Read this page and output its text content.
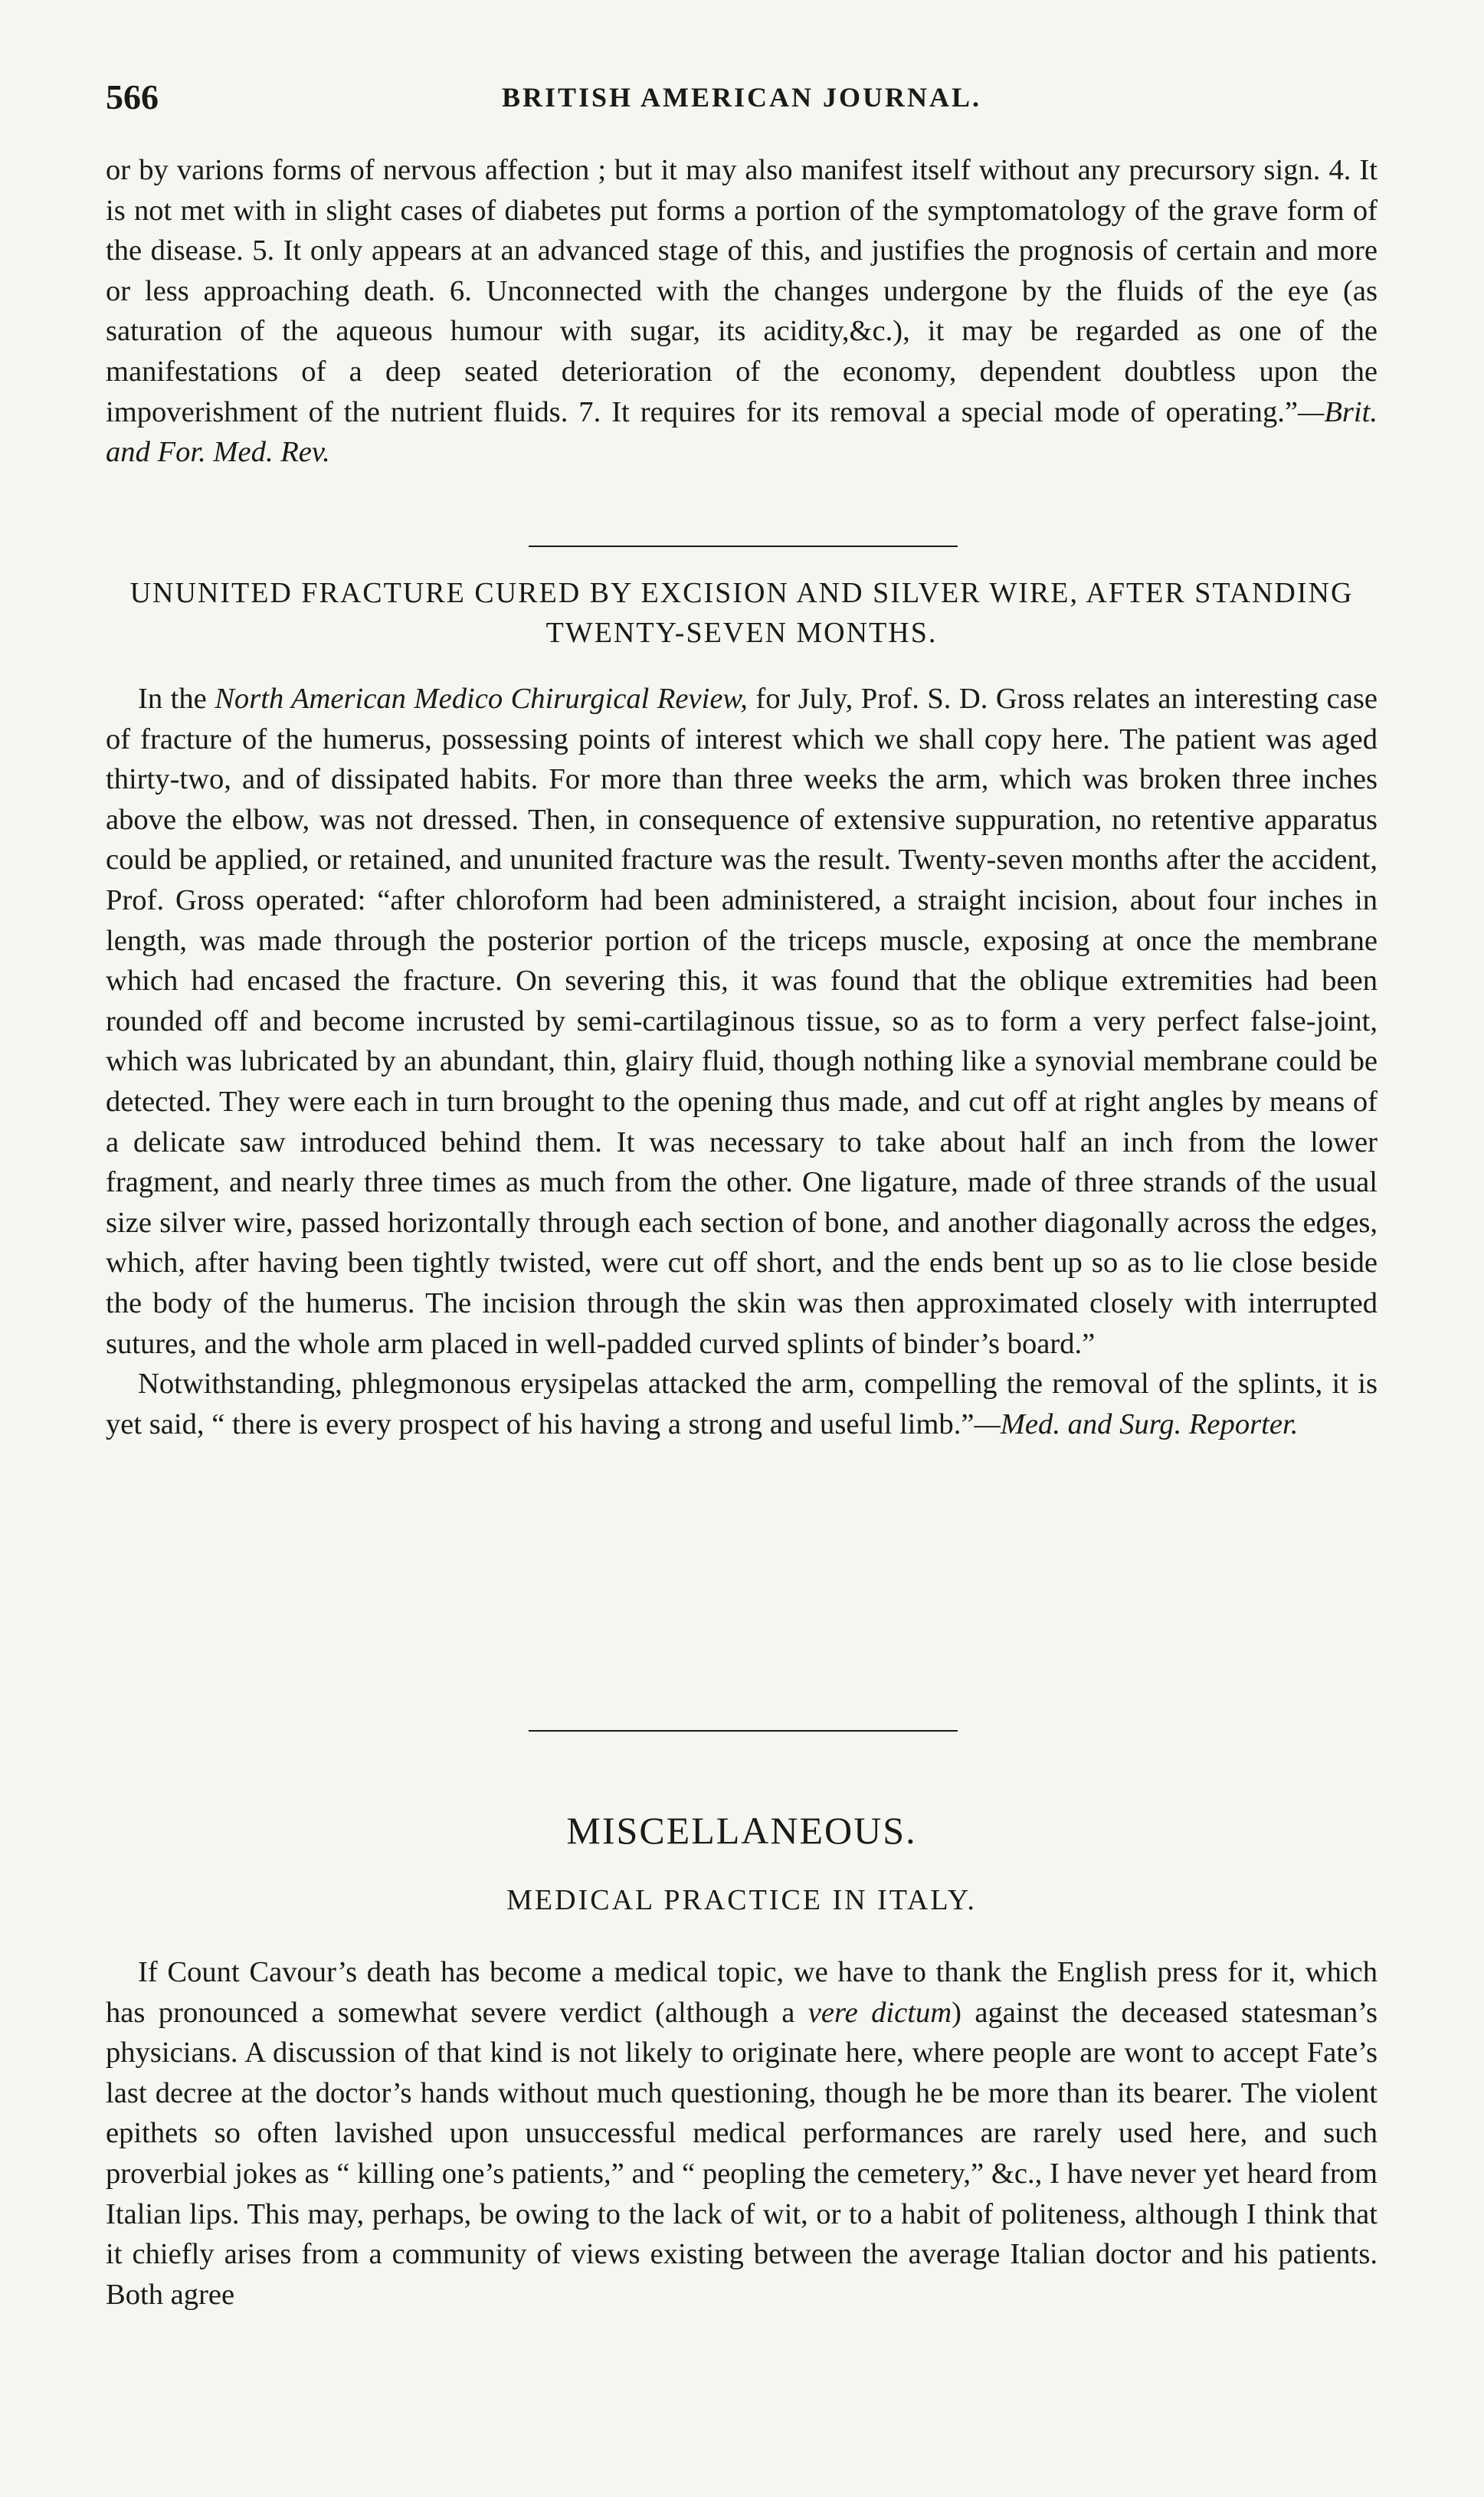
566	BRITISH AMERICAN JOURNAL.

or by varions forms of nervous affection ; but it may also manifest itself without any precursory sign. 4. It is not met with in slight cases of diabetes put forms a portion of the symptomatology of the grave form of the disease. 5. It only appears at an advanced stage of this, and justifies the prognosis of certain and more or less approaching death. 6. Unconnected with the changes undergone by the fluids of the eye (as saturation of the aqueous humour with sugar, its acidity,&c.), it may be regarded as one of the manifestations of a deep seated deterioration of the economy, dependent doubtless upon the impoverishment of the nutrient fluids. 7. It requires for its removal a special mode of operating.”—Brit. and For. Med. Rev.

UNUNITED FRACTURE CURED BY EXCISION AND SILVER WIRE, AFTER STANDING TWENTY-SEVEN MONTHS.

In the North American Medico Chirurgical Review, for July, Prof. S. D. Gross relates an interesting case of fracture of the humerus, possessing points of interest which we shall copy here. The patient was aged thirty-two, and of dissipated habits. For more than three weeks the arm, which was broken three inches above the elbow, was not dressed. Then, in consequence of extensive suppuration, no retentive apparatus could be applied, or retained, and ununited fracture was the result. Twenty-seven months after the accident, Prof. Gross operated: “after chloroform had been administered, a straight incision, about four inches in length, was made through the posterior portion of the triceps muscle, exposing at once the membrane which had encased the fracture. On severing this, it was found that the oblique extremities had been rounded off and become incrusted by semi-cartilaginous tissue, so as to form a very perfect false-joint, which was lubricated by an abundant, thin, glairy fluid, though nothing like a synovial membrane could be detected. They were each in turn brought to the opening thus made, and cut off at right angles by means of a delicate saw introduced behind them. It was necessary to take about half an inch from the lower fragment, and nearly three times as much from the other. One ligature, made of three strands of the usual size silver wire, passed horizontally through each section of bone, and another diagonally across the edges, which, after having been tightly twisted, were cut off short, and the ends bent up so as to lie close beside the body of the humerus. The incision through the skin was then approximated closely with interrupted sutures, and the whole arm placed in well-padded curved splints of binder’s board.”

Notwithstanding, phlegmonous erysipelas attacked the arm, compelling the removal of the splints, it is yet said, “ there is every prospect of his having a strong and useful limb.”—Med. and Surg. Reporter.

MISCELLANEOUS.
MEDICAL PRACTICE IN ITALY.

If Count Cavour’s death has become a medical topic, we have to thank the English press for it, which has pronounced a somewhat severe verdict (although a vere dictum) against the deceased statesman’s physicians. A discussion of that kind is not likely to originate here, where people are wont to accept Fate’s last decree at the doctor’s hands without much questioning, though he be more than its bearer. The violent epithets so often lavished upon unsuccessful medical performances are rarely used here, and such proverbial jokes as “ killing one’s patients,” and “ peopling the cemetery,” &c., I have never yet heard from Italian lips. This may, perhaps, be owing to the lack of wit, or to a habit of politeness, although I think that it chiefly arises from a community of views existing between the average Italian doctor and his patients. Both agree
